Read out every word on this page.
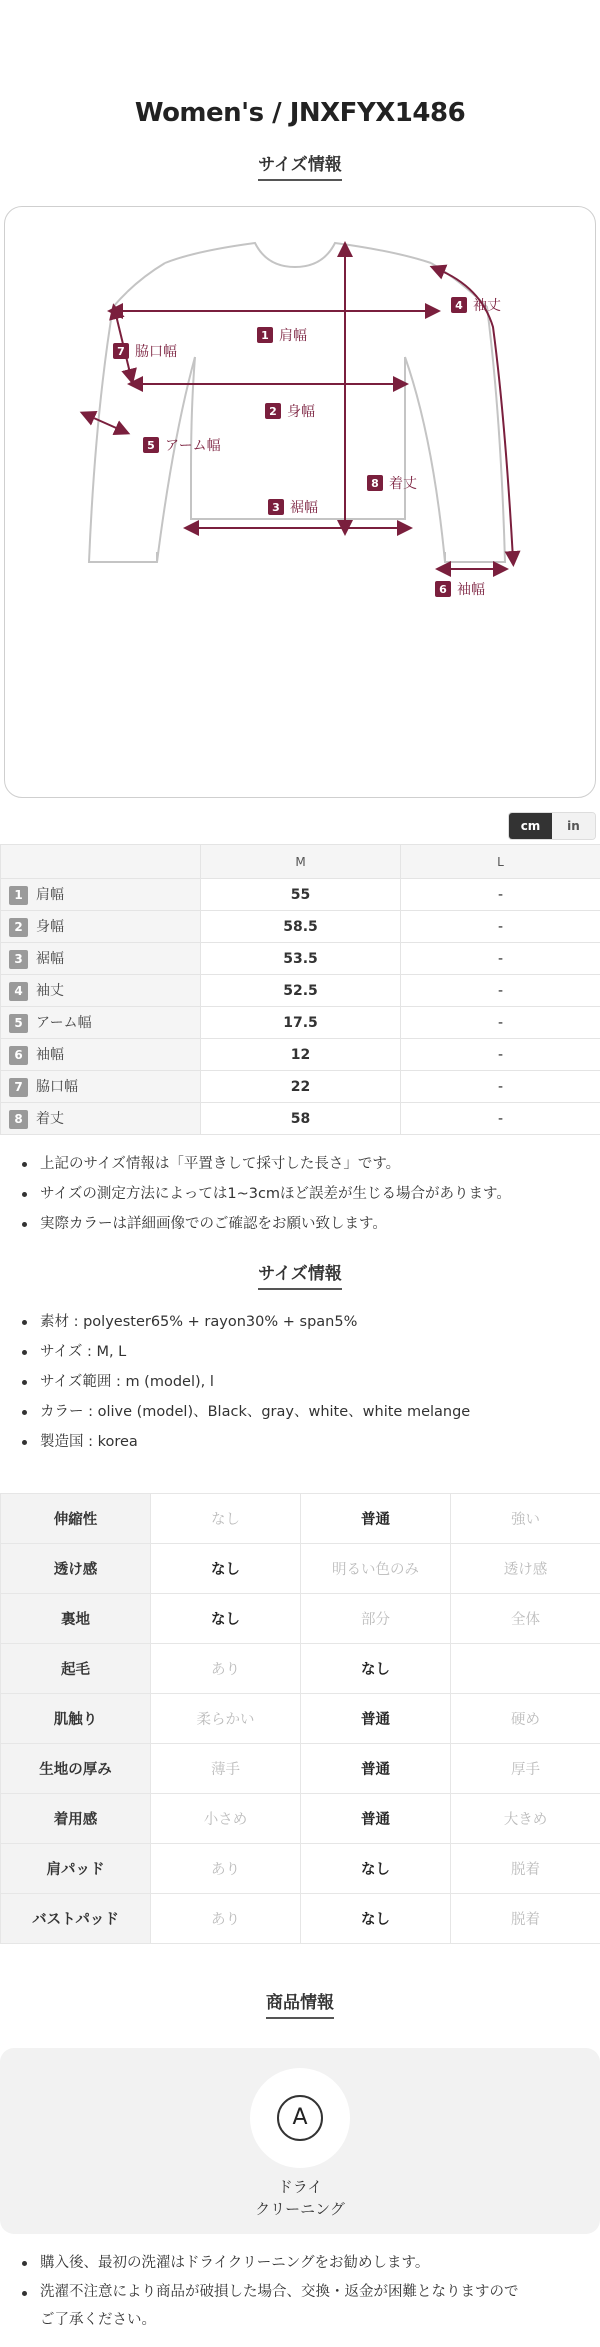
Women's / JNXFYX1486
サイズ情報
1 肩幅
2 身幅
3 裾幅
4 袖丈
5 アーム幅
6 袖幅
7 脇口幅
8 着丈
cm	in
	M	L
1 肩幅	55	-
2 身幅	58.5	-
3 裾幅	53.5	-
4 袖丈	52.5	-
5 アーム幅	17.5	-
6 袖幅	12	-
7 脇口幅	22	-
8 着丈	58	-
上記のサイズ情報は「平置きして採寸した長さ」です。
サイズの測定方法によっては1~3cmほど誤差が生じる場合があります。
実際カラーは詳細画像でのご確認をお願い致します。
サイズ情報
素材 : polyester65% + rayon30% + span5%
サイズ : M, L
サイズ範囲 : m (model), l
カラー : olive (model)、Black、gray、white、white melange
製造国 : korea
伸縮性	なし	普通	強い
透け感	なし	明るい色のみ	透け感
裏地	なし	部分	全体
起毛	あり	なし	
肌触り	柔らかい	普通	硬め
生地の厚み	薄手	普通	厚手
着用感	小さめ	普通	大きめ
肩パッド	あり	なし	脱着
バストパッド	あり	なし	脱着
商品情報
A
ドライ
クリーニング
購入後、最初の洗濯はドライクリーニングをお勧めします。
洗濯不注意により商品が破損した場合、交換・返金が困難となりますので
ご了承ください。
